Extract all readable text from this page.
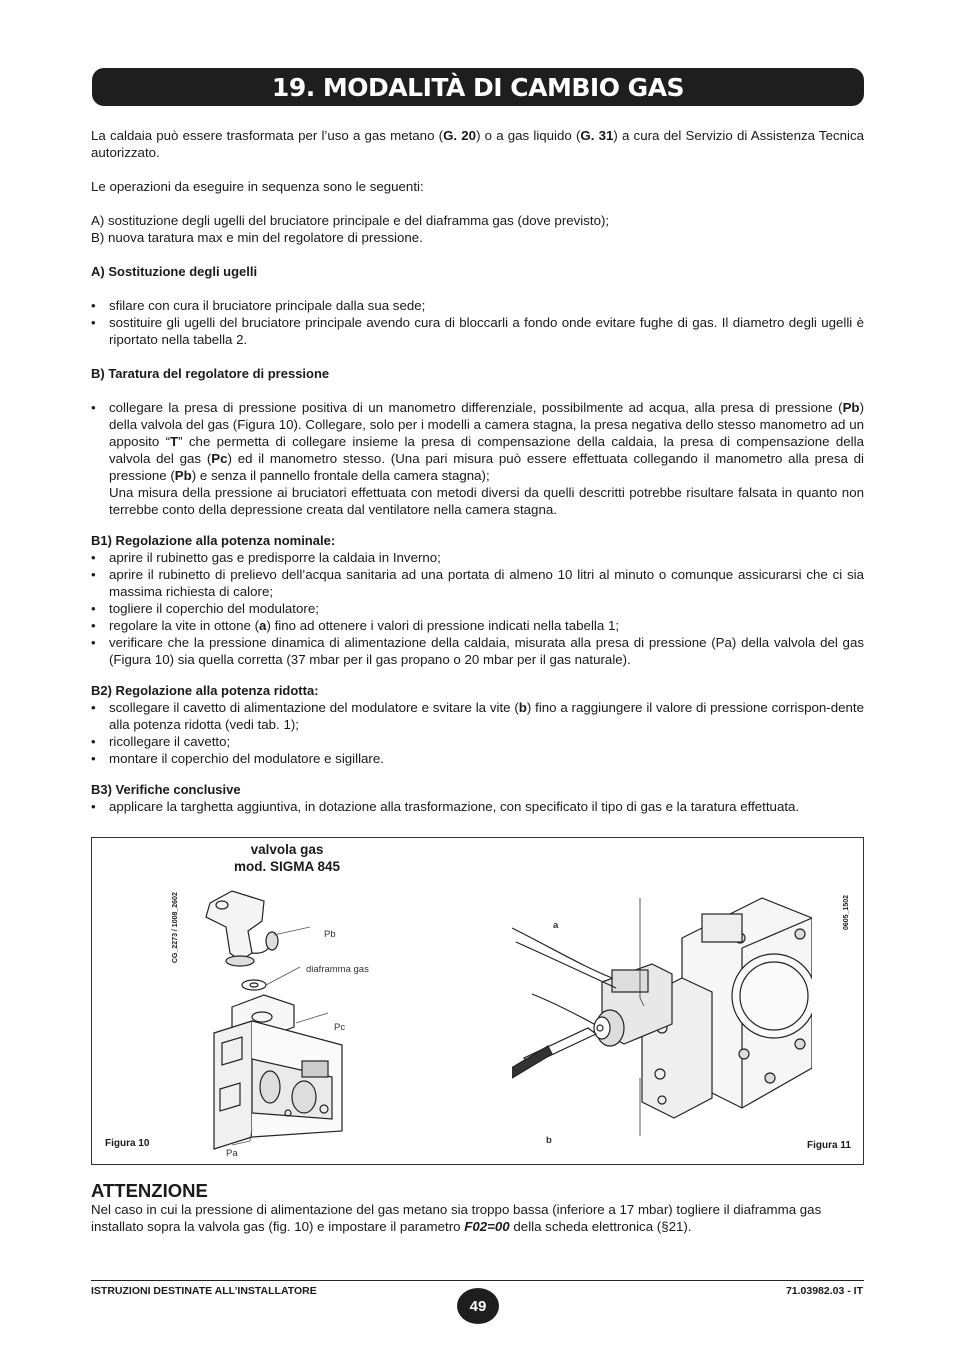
19. MODALITÀ DI CAMBIO GAS

La caldaia può essere trasformata per l’uso a gas metano (G. 20) o a gas liquido (G. 31) a cura del Servizio di Assistenza Tecnica autorizzato.

Le operazioni da eseguire in sequenza sono le seguenti:

A) sostituzione degli ugelli del bruciatore principale e del diaframma gas (dove previsto);

B) nuova taratura max e min del regolatore di pressione.

A) Sostituzione degli ugelli

• sfilare con cura il bruciatore principale dalla sua sede;
• sostituire gli ugelli del bruciatore principale avendo cura di bloccarli a fondo onde evitare fughe di gas. Il diametro degli ugelli è riportato nella tabella 2.

B) Taratura del regolatore di pressione

• collegare la presa di pressione positiva di un manometro differenziale, possibilmente ad acqua, alla presa di pressione (Pb) della valvola del gas (Figura 10). Collegare, solo per i modelli a camera stagna, la presa negativa dello stesso manometro ad un apposito “T” che permetta di collegare insieme la presa di compensazione della caldaia, la presa di compensazione della valvola del gas (Pc) ed il manometro stesso. (Una pari misura può essere effettuata collegando il manometro alla presa di pressione (Pb) e senza il pannello frontale della camera stagna);
Una misura della pressione ai bruciatori effettuata con metodi diversi da quelli descritti potrebbe risultare falsata in quanto non terrebbe conto della depressione creata dal ventilatore nella camera stagna.

B1) Regolazione alla potenza nominale:

• aprire il rubinetto gas e predisporre la caldaia in Inverno;
• aprire il rubinetto di prelievo dell’acqua sanitaria ad una portata di almeno 10 litri al minuto o comunque assicurarsi che ci sia massima richiesta di calore;
• togliere il coperchio del modulatore;
• regolare la vite in ottone (a) fino ad ottenere i valori di pressione indicati nella tabella 1;
• verificare che la pressione dinamica di alimentazione della caldaia, misurata alla presa di pressione (Pa) della valvola del gas (Figura 10) sia quella corretta (37 mbar per il gas propano o 20 mbar per il gas naturale).

B2) Regolazione alla potenza ridotta:

• scollegare il cavetto di alimentazione del modulatore e svitare la vite (b) fino a raggiungere il valore di pressione corrispon-dente alla potenza ridotta (vedi tab. 1);
• ricollegare il cavetto;
• montare il coperchio del modulatore e sigillare.

B3) Verifiche conclusive

• applicare la targhetta aggiuntiva, in dotazione alla trasformazione, con specificato il tipo di gas e la taratura effettuata.
valvola gas
mod. SIGMA 845
CG_2273 / 1008_2602	0605_1502
Pb
diaframma gas
Pc
Pa
a
b
Figura 10	Figura 11
ATTENZIONE

Nel caso in cui la pressione di alimentazione del gas metano sia troppo bassa (inferiore a 17 mbar) togliere il diaframma gas installato sopra la valvola gas (fig. 10) e impostare il parametro F02=00 della scheda elettronica (§21).

ISTRUZIONI DESTINATE ALL’INSTALLATORE
49
71.03982.03 - IT
